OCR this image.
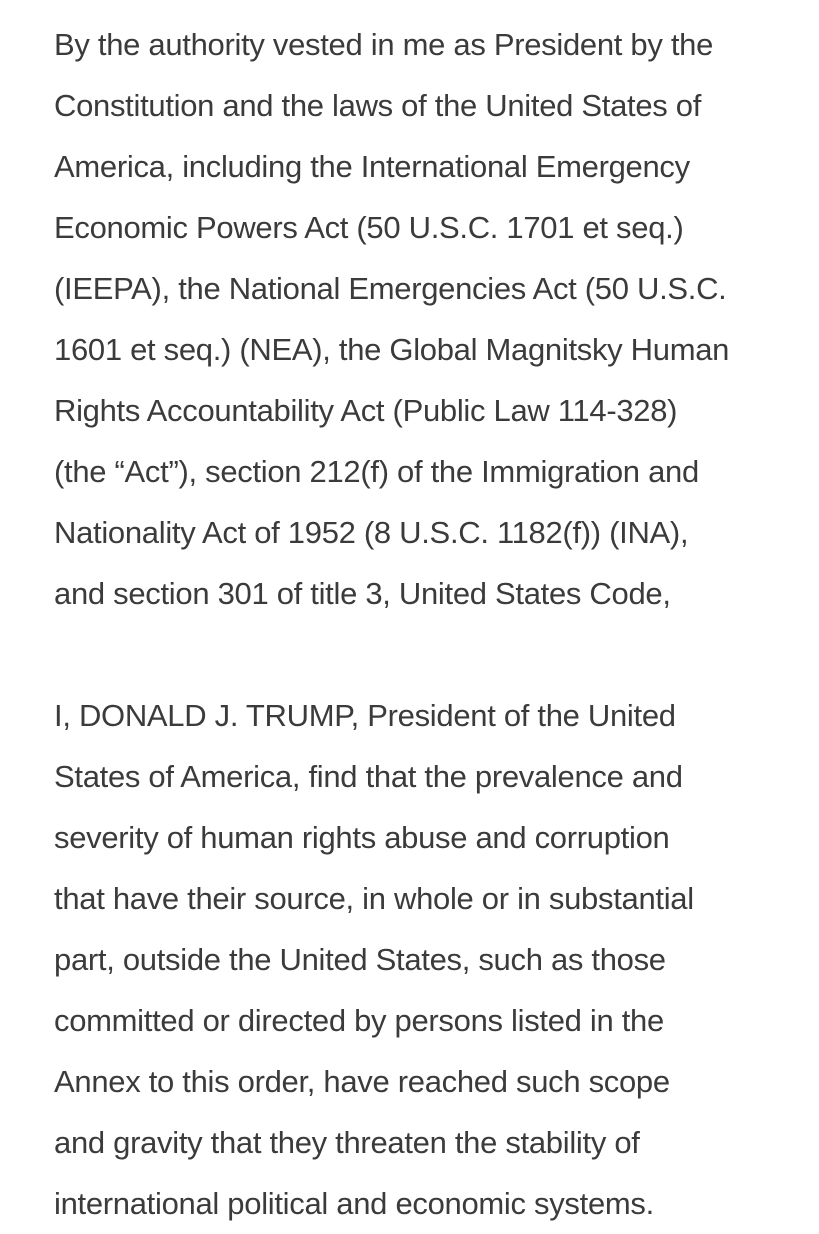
By the authority vested in me as President by the
Constitution and the laws of the United States of
America, including the International Emergency
Economic Powers Act (50 U.S.C. 1701 et seq.)
(IEEPA), the National Emergencies Act (50 U.S.C.
1601 et seq.) (NEA), the Global Magnitsky Human
Rights Accountability Act (Public Law 114-328)
(the “Act”), section 212(f) of the Immigration and
Nationality Act of 1952 (8 U.S.C. 1182(f)) (INA),
and section 301 of title 3, United States Code,

I, DONALD J. TRUMP, President of the United
States of America, find that the prevalence and
severity of human rights abuse and corruption
that have their source, in whole or in substantial
part, outside the United States, such as those
committed or directed by persons listed in the
Annex to this order, have reached such scope
and gravity that they threaten the stability of
international political and economic systems.
